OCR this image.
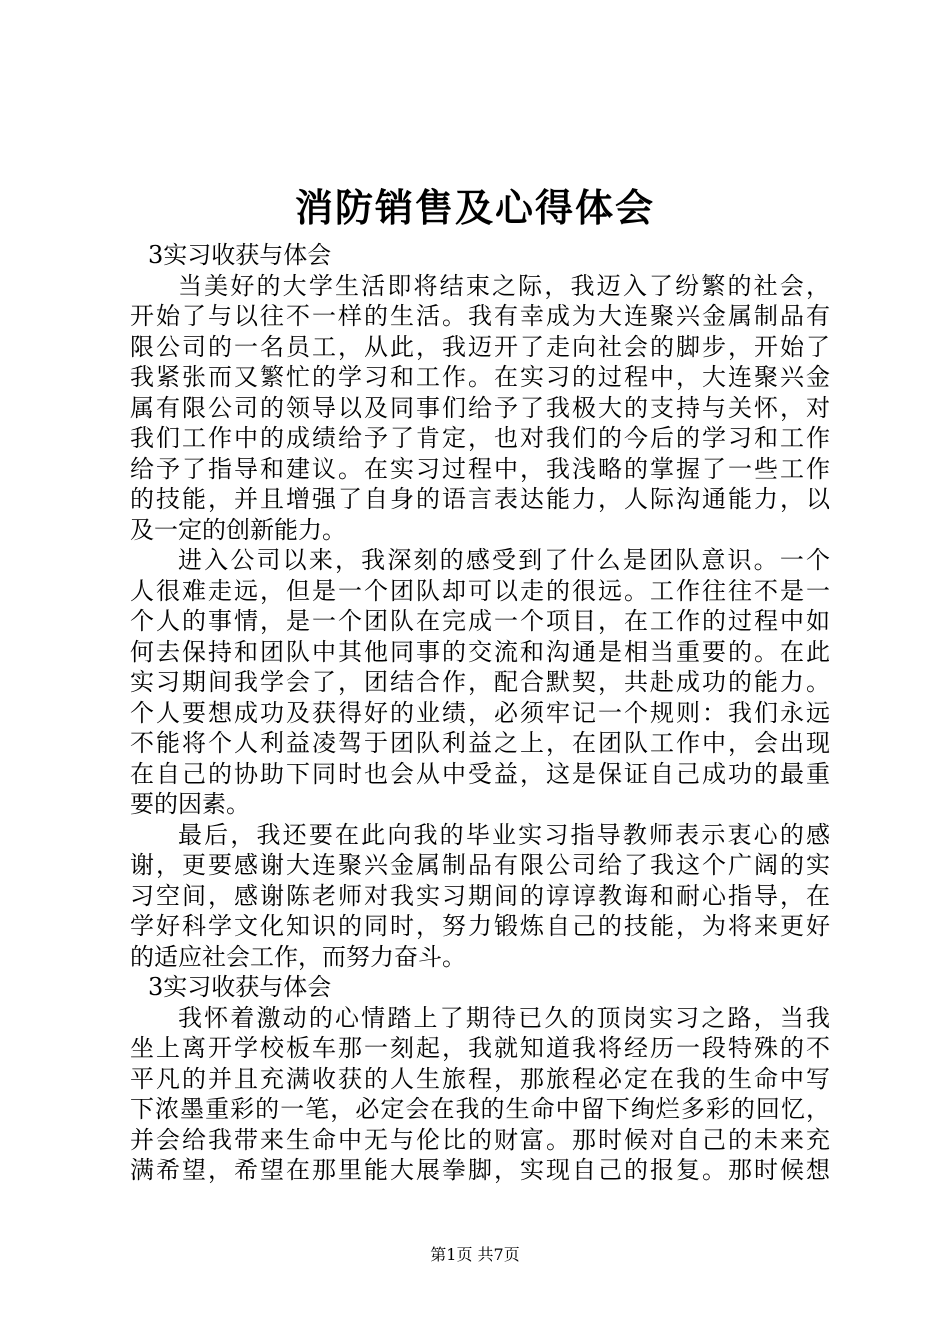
消防销售及心得体会
3实习收获与体会
当美好的大学生活即将结束之际，我迈入了纷繁的社会，
开始了与以往不一样的生活。我有幸成为大连聚兴金属制品有
限公司的一名员工，从此，我迈开了走向社会的脚步，开始了
我紧张而又繁忙的学习和工作。在实习的过程中，大连聚兴金
属有限公司的领导以及同事们给予了我极大的支持与关怀，对
我们工作中的成绩给予了肯定，也对我们的今后的学习和工作
给予了指导和建议。在实习过程中，我浅略的掌握了一些工作
的技能，并且增强了自身的语言表达能力，人际沟通能力，以
及一定的创新能力。
进入公司以来，我深刻的感受到了什么是团队意识。一个
人很难走远，但是一个团队却可以走的很远。工作往往不是一
个人的事情，是一个团队在完成一个项目，在工作的过程中如
何去保持和团队中其他同事的交流和沟通是相当重要的。在此
实习期间我学会了，团结合作，配合默契，共赴成功的能力。
个人要想成功及获得好的业绩，必须牢记一个规则：我们永远
不能将个人利益凌驾于团队利益之上，在团队工作中，会出现
在自己的协助下同时也会从中受益，这是保证自己成功的最重
要的因素。
最后，我还要在此向我的毕业实习指导教师表示衷心的感
谢，更要感谢大连聚兴金属制品有限公司给了我这个广阔的实
习空间，感谢陈老师对我实习期间的谆谆教诲和耐心指导，在
学好科学文化知识的同时，努力锻炼自己的技能，为将来更好
的适应社会工作，而努力奋斗。
3实习收获与体会
我怀着激动的心情踏上了期待已久的顶岗实习之路，当我
坐上离开学校板车那一刻起，我就知道我将经历一段特殊的不
平凡的并且充满收获的人生旅程，那旅程必定在我的生命中写
下浓墨重彩的一笔，必定会在我的生命中留下绚烂多彩的回忆，
并会给我带来生命中无与伦比的财富。那时候对自己的未来充
满希望，希望在那里能大展拳脚，实现自己的报复。那时候想
第1页 共7页
